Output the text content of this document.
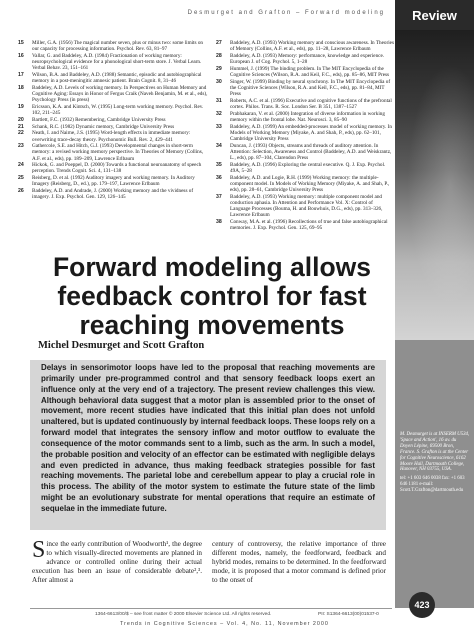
Desmurget and Grafton – Forward modeling	Review
15 Miller, G.A. (1956) The magical number seven, plus or minus two: some limits on our capacity for processing information. Psychol. Rev. 63, 81–97
16 Vallar, G. and Baddeley, A.D. (1984) Fractionation of working memory: neuropsychological evidence for a phonological short-term store. J. Verbal Learn. Verbal Behav. 23, 151–161
17 Wilson, B.A. and Baddeley, A.D. (1988) Semantic, episodic and autobiographical memory in a post-meningitic amnesic patient. Brain Cognit. 8, 31–46
18 Baddeley, A.D. Levels of working memory. In Perspectives on Human Memory and Cognitive Aging: Essays in Honor of Fergus Craik (Naveh Benjamin, M. et al., eds), Psychology Press (in press)
19 Ericsson, K.A. and Kintsch, W. (1995) Long-term working memory. Psychol. Rev. 102, 211–245
20 Bartlett, F.C. (1932) Remembering, Cambridge University Press
21 Schank, R.C. (1982) Dynamic memory, Cambridge University Press
22 Neath, I. and Nairne, J.S. (1995) Word-length effects in immediate memory: overwriting trace-decay theory. Psychonomic Bull. Rev. 2, 429–441
23 Gathercole, S.E. and Hitch, G.J. (1993) Developmental changes in short-term memory: a revised working memory perspective. In Theories of Memory (Collins, A.F. et al., eds), pp. 189–209, Lawrence Erlbaum
24 Hickok, G. and Poeppel, D. (2000) Towards a functional neuroanatomy of speech perception. Trends Cognit. Sci. 4, 131–138
25 Reisberg, D. et al. (1992) Auditory imagery and working memory. In Auditory Imagery (Reisberg, D., ed.), pp. 179–197, Lawrence Erlbaum
26 Baddeley, A.D. and Andrade, J. (2000) Working memory and the vividness of imagery. J. Exp. Psychol. Gen. 129, 126–145
27 Baddeley, A.D. (1993) Working memory and conscious awareness. In Theories of Memory (Collins, A.F. et al., eds), pp. 11–28, Lawrence Erlbaum
28 Baddeley, A.D. (1993) Memory: performance, knowledge and experience. European J. of Cog. Psychol. 5, 1–28
29 Hummel, J. (1999) The binding problem. In The MIT Encyclopedia of the Cognitive Sciences (Wilson, R.A. and Keil, F.C., eds), pp. 85–86, MIT Press
30 Singer, W. (1999) Binding by neural synchrony. In The MIT Encyclopedia of the Cognitive Sciences (Wilson, R.A. and Keil, F.C., eds), pp. 81–84, MIT Press
31 Roberts, A.C. et al. (1996) Executive and cognitive functions of the prefrontal cortex. Philos. Trans. R. Soc. London Ser. B 351, 1387–1527
32 Prabhakaran, V. et al. (2000) Integration of diverse information in working memory within the frontal lobe. Nat. Neurosci. 3, 85–90
33 Baddeley, A.D. (1999) An embedded-processes model of working memory. In Models of Working Memory (Miyake, A. and Shah, P., eds), pp. 62–101, Cambridge University Press
34 Duncan, J. (1993) Objects, streams and threads of auditory attention. In Attention: Selection, Awareness and Control (Baddeley, A.D. and Weiskrantz, L., eds), pp. 87–104, Clarendon Press
35 Baddeley, A.D. (1996) Exploring the central executive. Q. J. Exp. Psychol. 49A, 5–28
36 Baddeley, A.D. and Logie, R.H. (1999) Working memory: the multiple-component model. In Models of Working Memory (Miyake, A. and Shah, P., eds), pp. 28–61, Cambridge University Press
37 Baddeley, A.D. (1993) Working memory: multiple component model and conduction aphasia. In Attention and Performance Vol. X: Control of Language Processes (Bouma, H. and Bouwhuis, D.G., eds), pp. 313–326, Lawrence Erlbaum
38 Conway, M.A. et al. (1996) Recollections of true and false autobiographical memories. J. Exp. Psychol. Gen. 125, 69–95
Forward modeling allows feedback control for fast reaching movements
Michel Desmurget and Scott Grafton
Delays in sensorimotor loops have led to the proposal that reaching movements are primarily under pre-programmed control and that sensory feedback loops exert an influence only at the very end of a trajectory. The present review challenges this view. Although behavioral data suggest that a motor plan is assembled prior to the onset of movement, more recent studies have indicated that this initial plan does not unfold unaltered, but is updated continuously by internal feedback loops. These loops rely on a forward model that integrates the sensory inflow and motor outflow to evaluate the consequence of the motor commands sent to a limb, such as the arm. In such a model, the probable position and velocity of an effector can be estimated with negligible delays and even predicted in advance, thus making feedback strategies possible for fast reaching movements. The parietal lobe and cerebellum appear to play a crucial role in this process. The ability of the motor system to estimate the future state of the limb might be an evolutionary substrate for mental operations that require an estimate of sequelae in the immediate future.
M. Desmurget is at INSERM U534, 'Space and Action', 16 av. du Doyen Lépine, 69500 Bron, France. S. Grafton is at the Center for Cognitive Neuroscience, 6162 Moore Hall, Dartmouth College, Hanover, NH 03755, USA.
tel: +1 603 646 0038 fax: +1 603 646 1181 e-mail: Scott.T.Grafton@dartmouth.edu
Since the early contribution of Woodworth¹, the degree to which visually-directed movements are planned in advance or controlled online during their actual execution has been an issue of considerable debate²,³. After almost a
century of controversy, the relative importance of three different modes, namely, the feedforward, feedback and hybrid modes, remains to be determined. In the feedforward mode, it is proposed that a motor command is defined prior to the onset of
1364-6613/00/$ – see front matter © 2000 Elsevier Science Ltd. All rights reserved.	PII: S1364-6613(00)01537-0
Trends in Cognitive Sciences – Vol. 4, No. 11, November 2000
423
